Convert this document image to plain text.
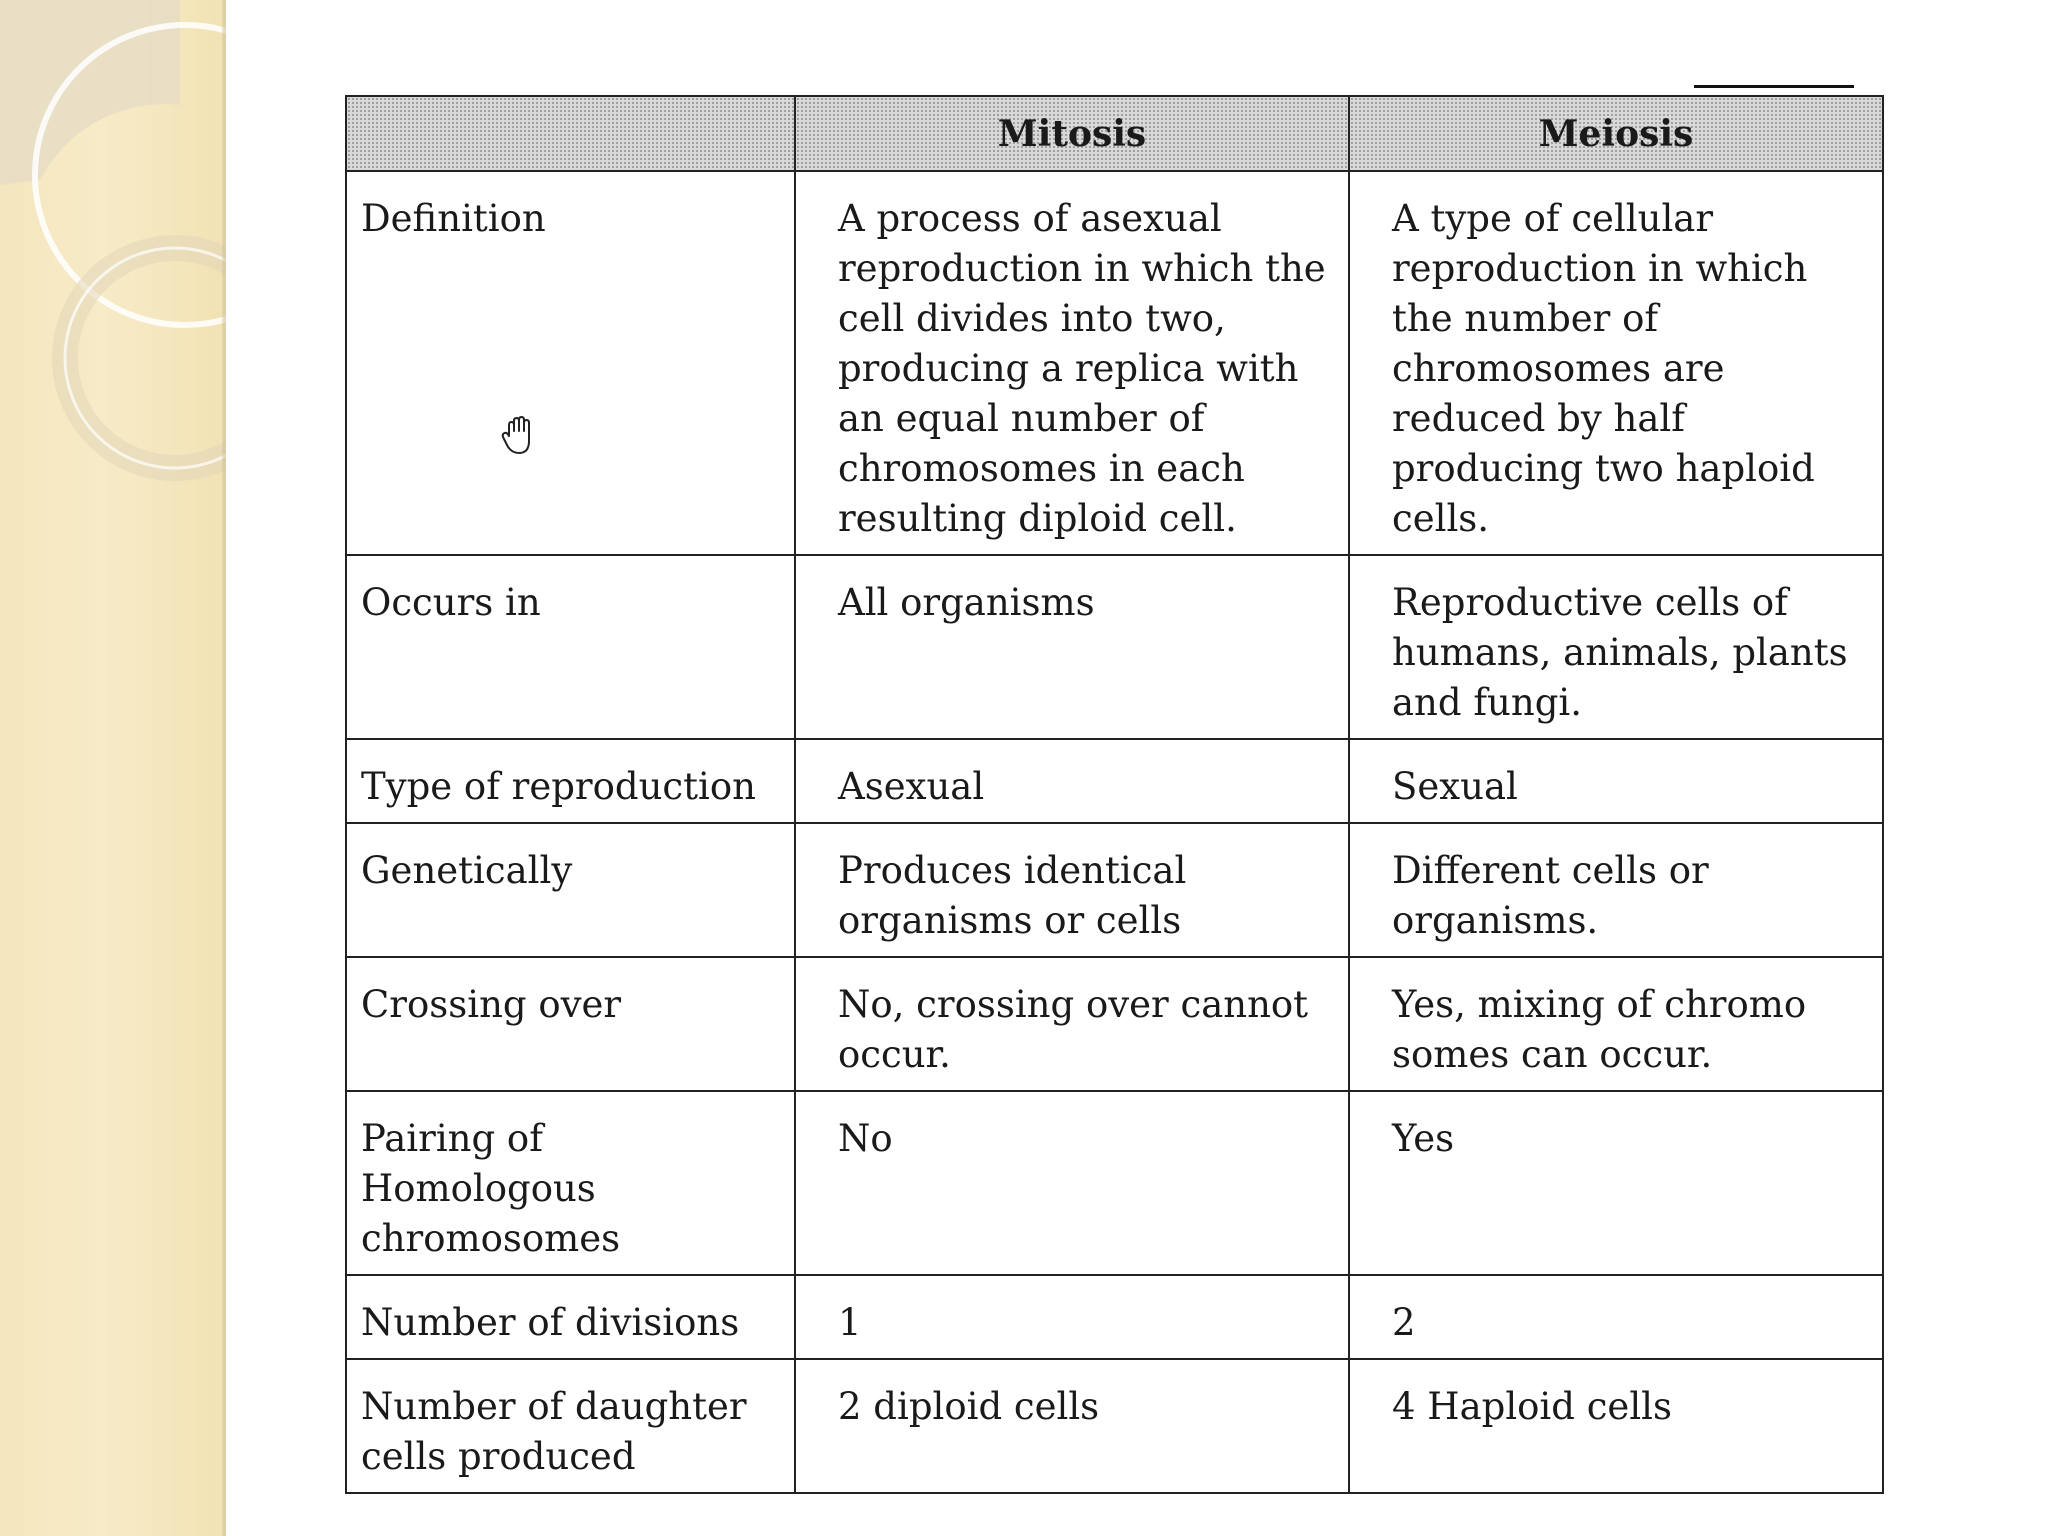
	Mitosis	Meiosis
Definition	A process of asexual reproduction in which the cell divides into two, producing a replica with an equal number of chromosomes in each resulting diploid cell.	A type of cellular reproduction in which the number of chromosomes are reduced by half producing two haploid cells.
Occurs in	All organisms	Reproductive cells of humans, animals, plants and fungi.
Type of reproduction	Asexual	Sexual
Genetically	Produces identical organisms or cells	Different cells or organisms.
Crossing over	No, crossing over cannot occur.	Yes, mixing of chromo somes can occur.
Pairing of Homologous chromosomes	No	Yes
Number of divisions	1	2
Number of daughter cells produced	2 diploid cells	4 Haploid cells
